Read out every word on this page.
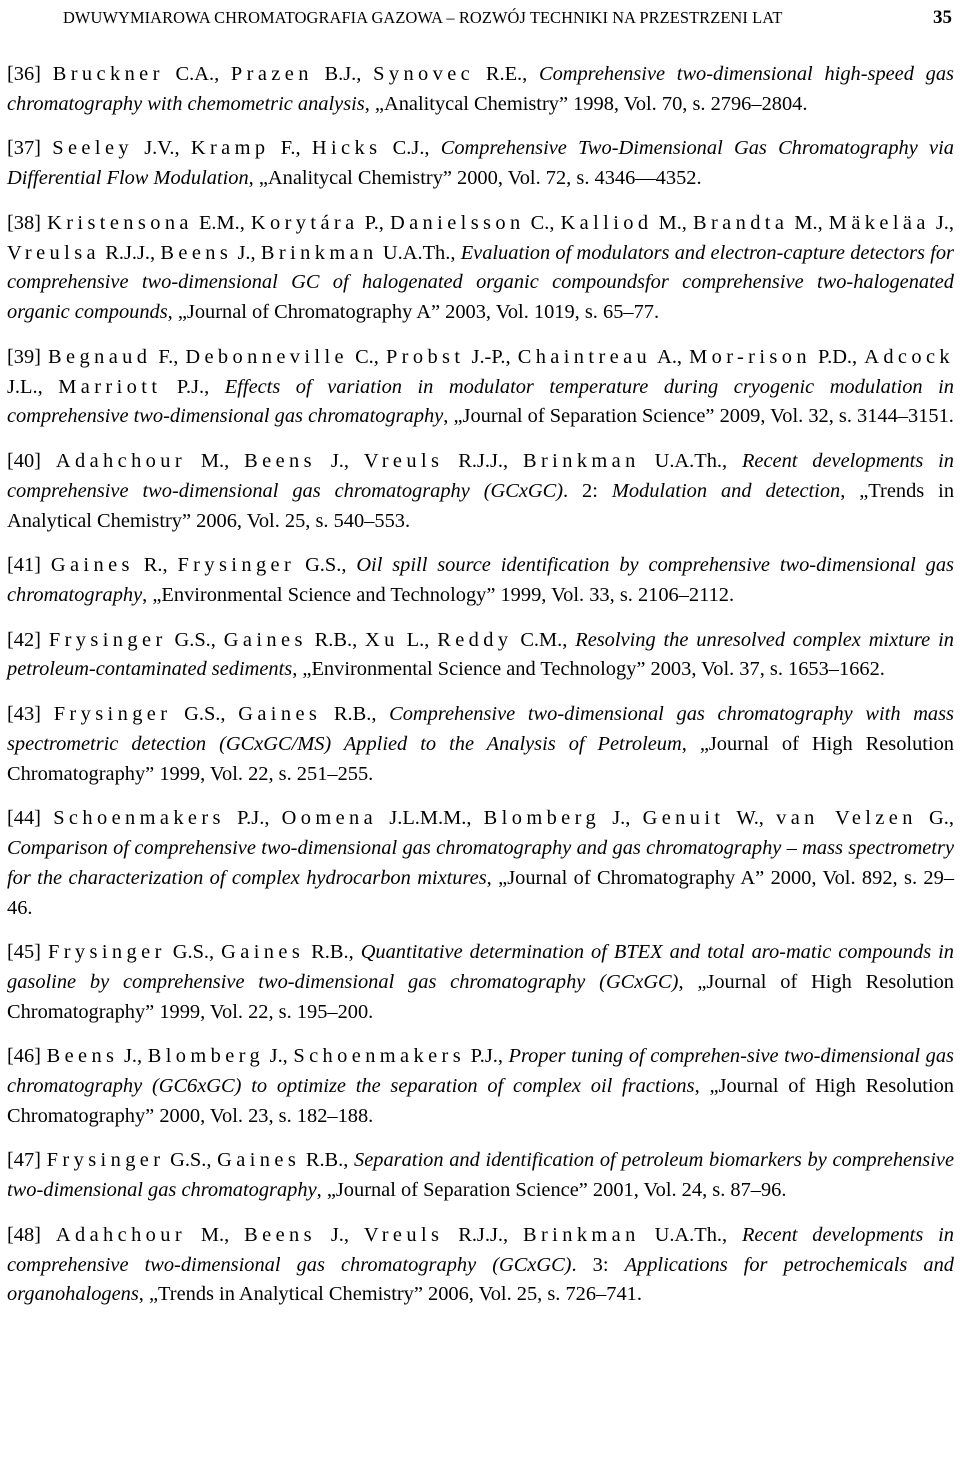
DWUWYMIAROWA CHROMATOGRAFIA GAZOWA – ROZWÓJ TECHNIKI NA PRZESTRZENI LAT	35
[36] Bruckner C.A., Prazen B.J., Synovec R.E., Comprehensive two-dimensional high-speed gas chromatography with chemometric analysis, „Analitycal Chemistry” 1998, Vol. 70, s. 2796–2804.
[37] Seeley J.V., Kramp F., Hicks C.J., Comprehensive Two-Dimensional Gas Chromatography via Differential Flow Modulation, „Analitycal Chemistry” 2000, Vol. 72, s. 4346––4352.
[38] Kristensona E.M., Korytára P., Danielsson C., Kalliod M., Brandta M., Mäkeläa J., Vreulsa R.J.J., Beens J., Brinkman U.A.Th., Evaluation of modulators and electron-capture detectors for comprehensive two-dimensional GC of halogenated organic compoundsfor comprehensive two-halogenated organic compounds, „Journal of Chromatography A” 2003, Vol. 1019, s. 65–77.
[39] Begnaud F., Debonneville C., Probst J.-P., Chaintreau A., Mor-rison P.D., Adcock J.L., Marriott P.J., Effects of variation in modulator temperature during cryogenic modulation in comprehensive two-dimensional gas chromatography, „Journal of Separation Science” 2009, Vol. 32, s. 3144–3151.
[40] Adahchour M., Beens J., Vreuls R.J.J., Brinkman U.A.Th., Recent developments in comprehensive two-dimensional gas chromatography (GCxGC). 2: Modulation and detection, „Trends in Analytical Chemistry” 2006, Vol. 25, s. 540–553.
[41] Gaines R., Frysinger G.S., Oil spill source identification by comprehensive two-dimensional gas chromatography, „Environmental Science and Technology” 1999, Vol. 33, s. 2106–2112.
[42] Frysinger G.S., Gaines R.B., Xu L., Reddy C.M., Resolving the unresolved complex mixture in petroleum-contaminated sediments, „Environmental Science and Technology” 2003, Vol. 37, s. 1653–1662.
[43] Frysinger G.S., Gaines R.B., Comprehensive two-dimensional gas chromatography with mass spectrometric detection (GCxGC/MS) Applied to the Analysis of Petroleum, „Journal of High Resolution Chromatography” 1999, Vol. 22, s. 251–255.
[44] Schoenmakers P.J., Oomena J.L.M.M., Blomberg J., Genuit W., van Velzen G., Comparison of comprehensive two-dimensional gas chromatography and gas chromatography – mass spectrometry for the characterization of complex hydrocarbon mixtures, „Journal of Chromatography A” 2000, Vol. 892, s. 29–46.
[45] Frysinger G.S., Gaines R.B., Quantitative determination of BTEX and total aro-matic compounds in gasoline by comprehensive two-dimensional gas chromatography (GCxGC), „Journal of High Resolution Chromatography” 1999, Vol. 22, s. 195–200.
[46] Beens J., Blomberg J., Schoenmakers P.J., Proper tuning of comprehen-sive two-dimensional gas chromatography (GC6xGC) to optimize the separation of complex oil fractions, „Journal of High Resolution Chromatography” 2000, Vol. 23, s. 182–188.
[47] Frysinger G.S., Gaines R.B., Separation and identification of petroleum biomarkers by comprehensive two-dimensional gas chromatography, „Journal of Separation Science” 2001, Vol. 24, s. 87–96.
[48] Adahchour M., Beens J., Vreuls R.J.J., Brinkman U.A.Th., Recent developments in comprehensive two-dimensional gas chromatography (GCxGC). 3: Applications for petrochemicals and organohalogens, „Trends in Analytical Chemistry” 2006, Vol. 25, s. 726–741.
